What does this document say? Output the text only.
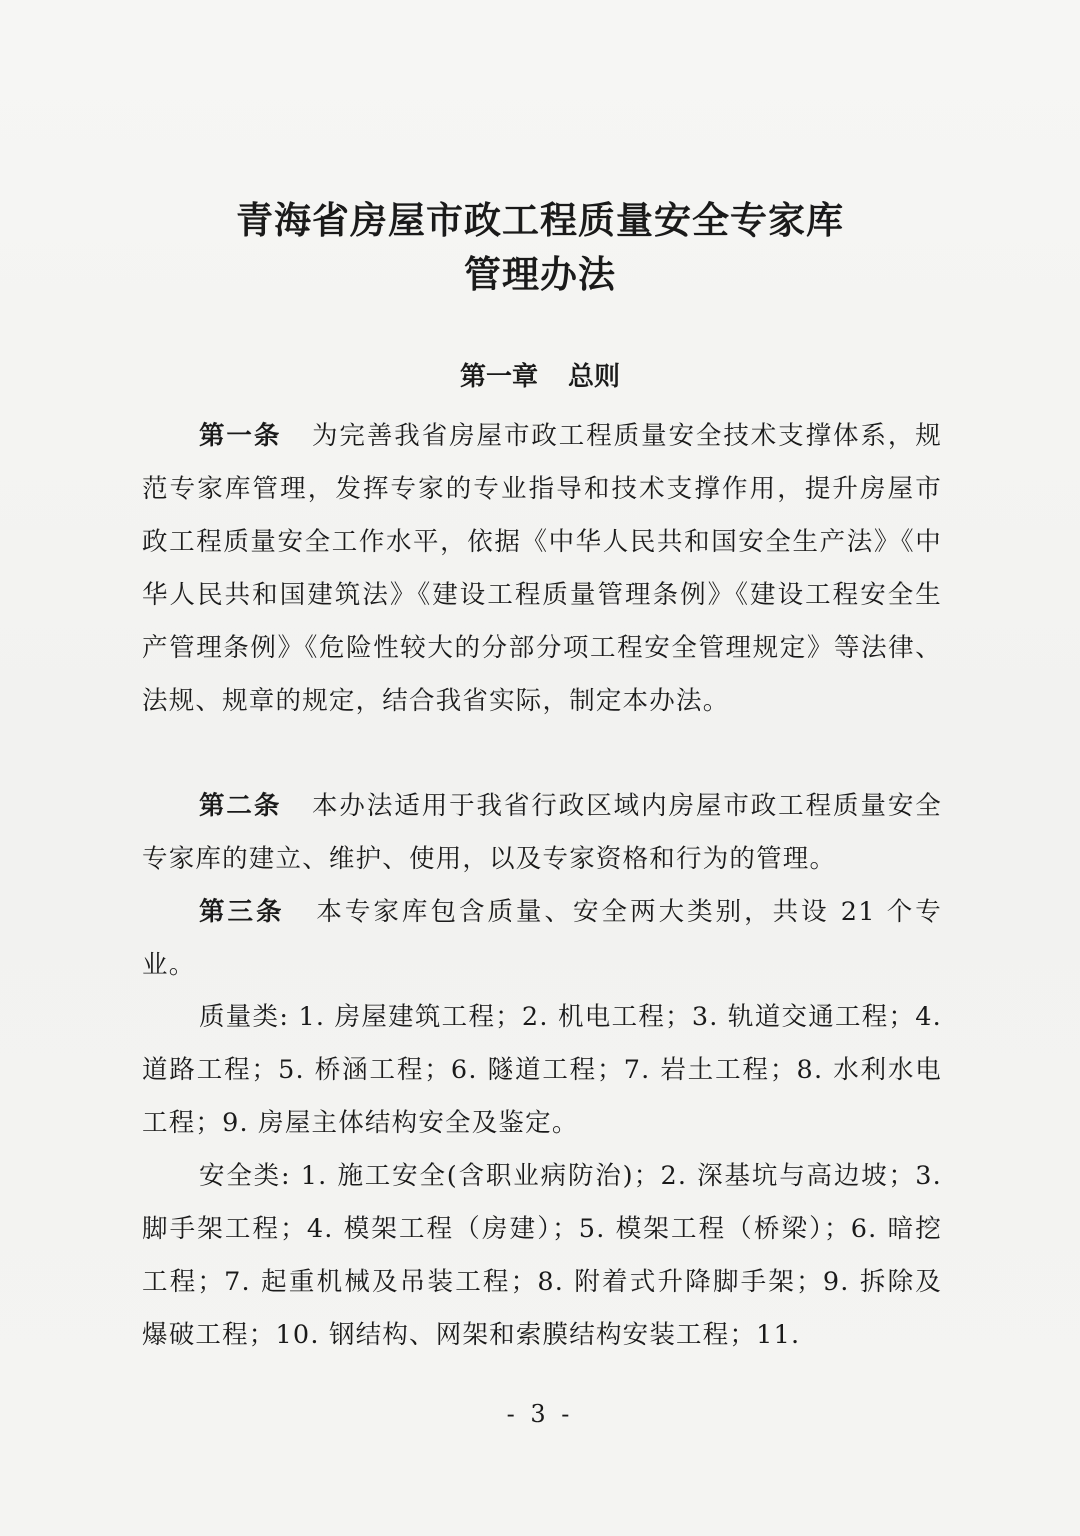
青海省房屋市政工程质量安全专家库
管理办法
第一章 总则

第一条 为完善我省房屋市政工程质量安全技术支撑体系，规范专家库管理，发挥专家的专业指导和技术支撑作用，提升房屋市政工程质量安全工作水平，依据《中华人民共和国安全生产法》《中华人民共和国建筑法》《建设工程质量管理条例》《建设工程安全生产管理条例》《危险性较大的分部分项工程安全管理规定》等法律、法规、规章的规定，结合我省实际，制定本办法。

第二条 本办法适用于我省行政区域内房屋市政工程质量安全专家库的建立、维护、使用，以及专家资格和行为的管理。

第三条 本专家库包含质量、安全两大类别，共设 21 个专业。

质量类: 1. 房屋建筑工程；2. 机电工程；3. 轨道交通工程；4. 道路工程；5. 桥涵工程；6. 隧道工程；7. 岩土工程；8. 水利水电工程；9. 房屋主体结构安全及鉴定。

安全类: 1. 施工安全(含职业病防治)；2. 深基坑与高边坡；3. 脚手架工程；4. 模架工程（房建）；5. 模架工程（桥梁）；6. 暗挖工程；7. 起重机械及吊装工程；8. 附着式升降脚手架；9. 拆除及爆破工程；10. 钢结构、网架和索膜结构安装工程；11.

- 3 -
